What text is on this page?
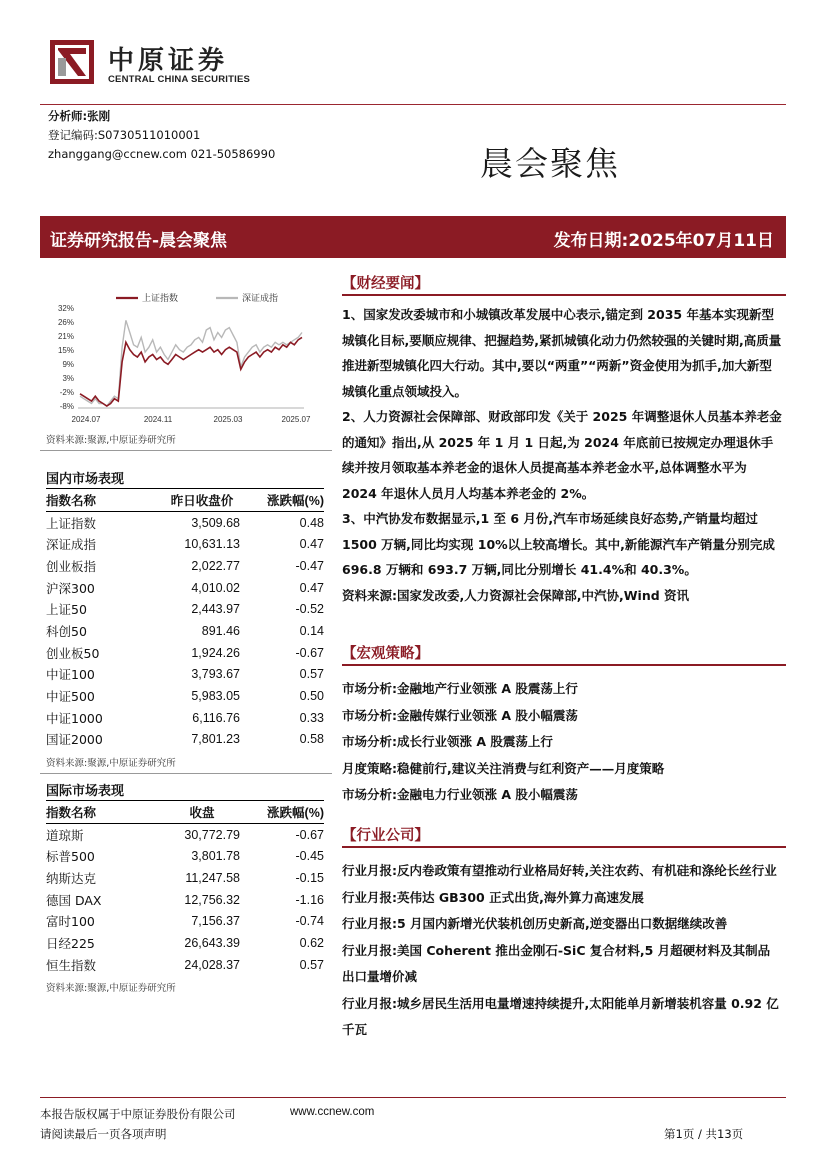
中原证券
CENTRAL CHINA SECURITIES
分析师:张刚
登记编码:S0730511010001
zhanggang@ccnew.com 021-50586990	晨会聚焦
证券研究报告-晨会聚焦	发布日期:2025年07月11日
32%
26%
21%
15%
9%
3%
-2%
-8%
2024.07	2024.11	2025.03	2025.07
上证指数	深证成指
资料来源:聚源,中原证券研究所
国内市场表现
指数名称	昨日收盘价	涨跌幅(%)
上证指数	3,509.68	0.48
深证成指	10,631.13	0.47
创业板指	2,022.77	-0.47
沪深300	4,010.02	0.47
上证50	2,443.97	-0.52
科创50	891.46	0.14
创业板50	1,924.26	-0.67
中证100	3,793.67	0.57
中证500	5,983.05	0.50
中证1000	6,116.76	0.33
国证2000	7,801.23	0.58
资料来源:聚源,中原证券研究所
国际市场表现
指数名称	收盘	涨跌幅(%)
道琼斯	30,772.79	-0.67
标普500	3,801.78	-0.45
纳斯达克	11,247.58	-0.15
德国 DAX	12,756.32	-1.16
富时100	7,156.37	-0.74
日经225	26,643.39	0.62
恒生指数	24,028.37	0.57
资料来源:聚源,中原证券研究所
【财经要闻】
1、国家发改委城市和小城镇改革发展中心表示,锚定到 2035 年基本实现新型城镇化目标,要顺应规律、把握趋势,紧抓城镇化动力仍然较强的关键时期,高质量推进新型城镇化四大行动。其中,要以“两重”“两新”资金使用为抓手,加大新型城镇化重点领域投入。
2、人力资源社会保障部、财政部印发《关于 2025 年调整退休人员基本养老金的通知》指出,从 2025 年 1 月 1 日起,为 2024 年底前已按规定办理退休手续并按月领取基本养老金的退休人员提高基本养老金水平,总体调整水平为 2024 年退休人员月人均基本养老金的 2%。
3、中汽协发布数据显示,1 至 6 月份,汽车市场延续良好态势,产销量均超过 1500 万辆,同比均实现 10%以上较高增长。其中,新能源汽车产销量分别完成 696.8 万辆和 693.7 万辆,同比分别增长 41.4%和 40.3%。
资料来源:国家发改委,人力资源社会保障部,中汽协,Wind 资讯
【宏观策略】
市场分析:金融地产行业领涨 A 股震荡上行
市场分析:金融传媒行业领涨 A 股小幅震荡
市场分析:成长行业领涨 A 股震荡上行
月度策略:稳健前行,建议关注消费与红利资产——月度策略
市场分析:金融电力行业领涨 A 股小幅震荡
【行业公司】
行业月报:反内卷政策有望推动行业格局好转,关注农药、有机硅和涤纶长丝行业
行业月报:英伟达 GB300 正式出货,海外算力高速发展
行业月报:5 月国内新增光伏装机创历史新高,逆变器出口数据继续改善
行业月报:美国 Coherent 推出金刚石-SiC 复合材料,5 月超硬材料及其制品出口量增价减
行业月报:城乡居民生活用电量增速持续提升,太阳能单月新增装机容量 0.92 亿千瓦
本报告版权属于中原证券股份有限公司	www.ccnew.com
请阅读最后一页各项声明	第1页 / 共13页
